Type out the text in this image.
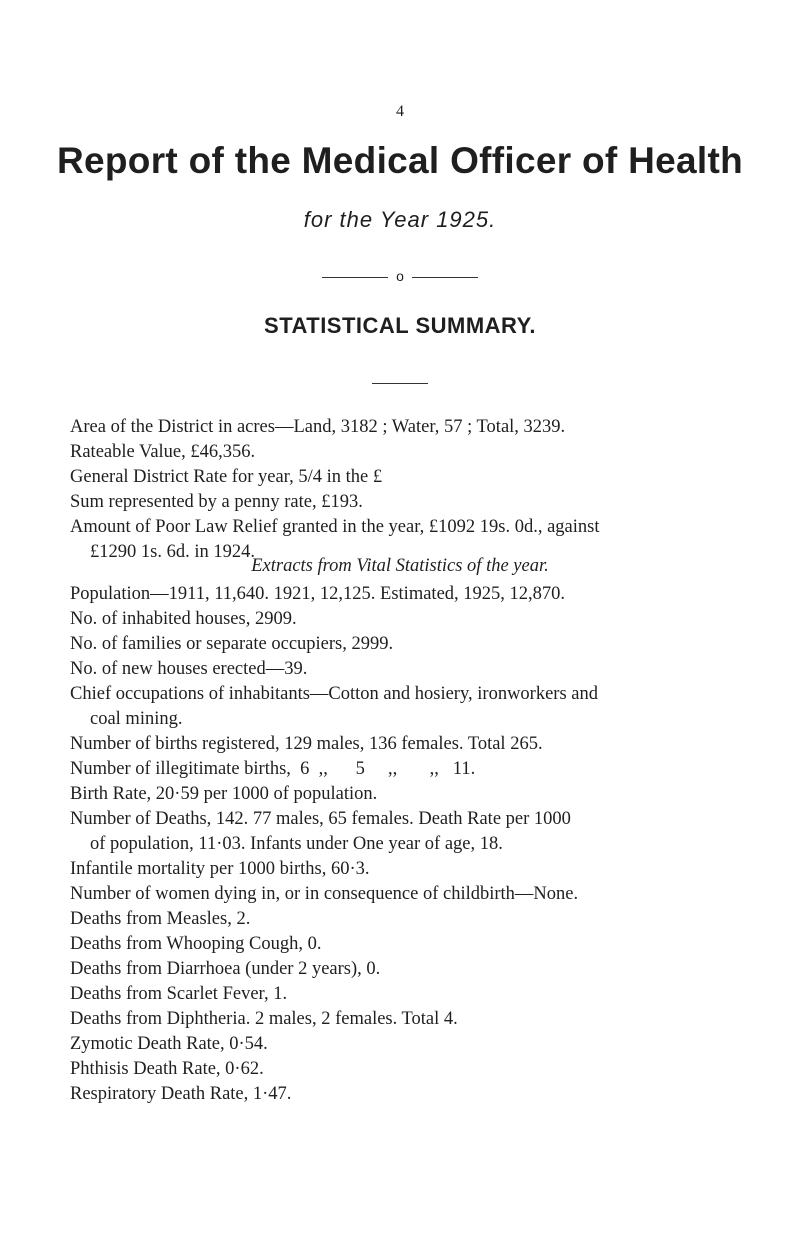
4
Report of the Medical Officer of Health
for the Year 1925.
o
STATISTICAL SUMMARY.
Area of the District in acres—Land, 3182 ; Water, 57 ; Total, 3239.
Rateable Value, £46,356.
General District Rate for year, 5/4 in the £
Sum represented by a penny rate, £193.
Amount of Poor Law Relief granted in the year, £1092 19s. 0d., against
£1290 1s. 6d. in 1924.
Extracts from Vital Statistics of the year.
Population—1911, 11,640. 1921, 12,125. Estimated, 1925, 12,870.
No. of inhabited houses, 2909.
No. of families or separate occupiers, 2999.
No. of new houses erected—39.
Chief occupations of inhabitants—Cotton and hosiery, ironworkers and
coal mining.
Number of births registered, 129 males, 136 females. Total 265.
Number of illegitimate births,  6  ,,      5     ,,       ,,   11.
Birth Rate, 20·59 per 1000 of population.
Number of Deaths, 142. 77 males, 65 females. Death Rate per 1000
of population, 11·03. Infants under One year of age, 18.
Infantile mortality per 1000 births, 60·3.
Number of women dying in, or in consequence of childbirth—None.
Deaths from Measles, 2.
Deaths from Whooping Cough, 0.
Deaths from Diarrhoea (under 2 years), 0.
Deaths from Scarlet Fever, 1.
Deaths from Diphtheria. 2 males, 2 females. Total 4.
Zymotic Death Rate, 0·54.
Phthisis Death Rate, 0·62.
Respiratory Death Rate, 1·47.
